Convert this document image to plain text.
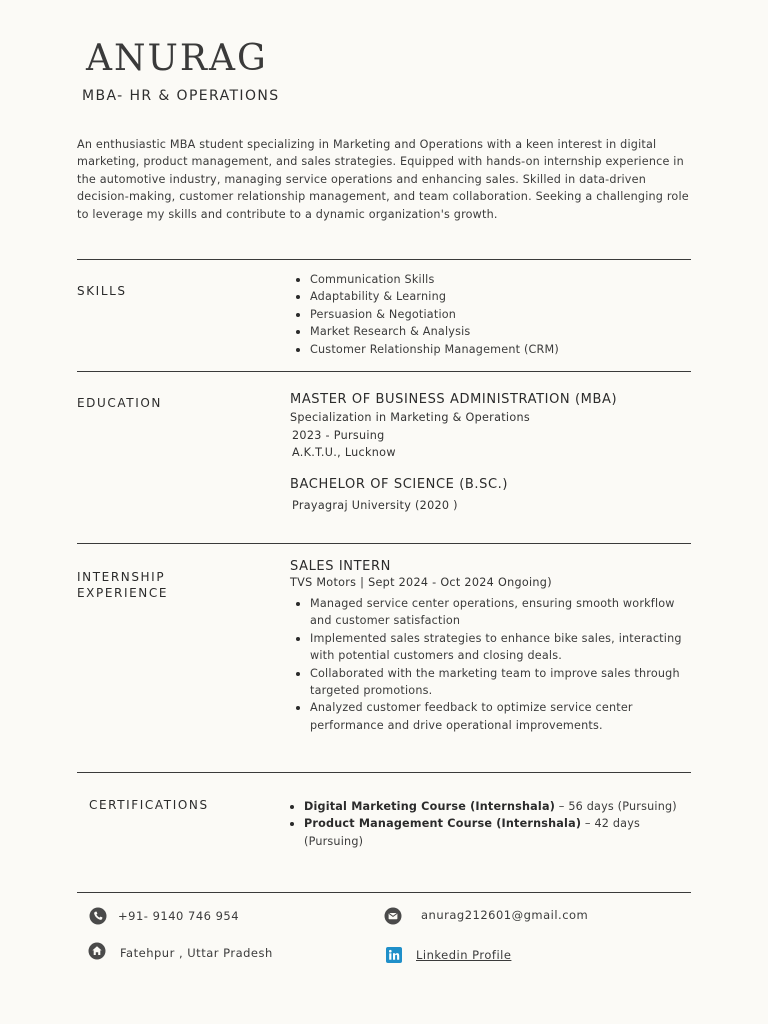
ANURAG
MBA- HR & OPERATIONS
An enthusiastic MBA student specializing in Marketing and Operations with a keen interest in digital marketing, product management, and sales strategies. Equipped with hands-on internship experience in the automotive industry, managing service operations and enhancing sales. Skilled in data-driven decision-making, customer relationship management, and team collaboration. Seeking a challenging role to leverage my skills and contribute to a dynamic organization's growth.
SKILLS
Communication Skills
Adaptability & Learning
Persuasion & Negotiation
Market Research & Analysis
Customer Relationship Management (CRM)
EDUCATION	MASTER OF BUSINESS ADMINISTRATION (MBA)
Specialization in Marketing & Operations
2023 - Pursuing
A.K.T.U., Lucknow
BACHELOR OF SCIENCE (B.SC.)
Prayagraj University (2020 )
INTERNSHIP
EXPERIENCE
SALES INTERN
TVS Motors | Sept 2024 - Oct 2024 Ongoing)
Managed service center operations, ensuring smooth workflow and customer satisfaction
Implemented sales strategies to enhance bike sales, interacting with potential customers and closing deals.
Collaborated with the marketing team to improve sales through targeted promotions.
Analyzed customer feedback to optimize service center performance and drive operational improvements.
CERTIFICATIONS	Digital Marketing Course (Internshala) – 56 days (Pursuing)
Product Management Course (Internshala) – 42 days (Pursuing)
+91- 9140 746 954	anurag212601@gmail.com
Fatehpur , Uttar Pradesh	Linkedin Profile
